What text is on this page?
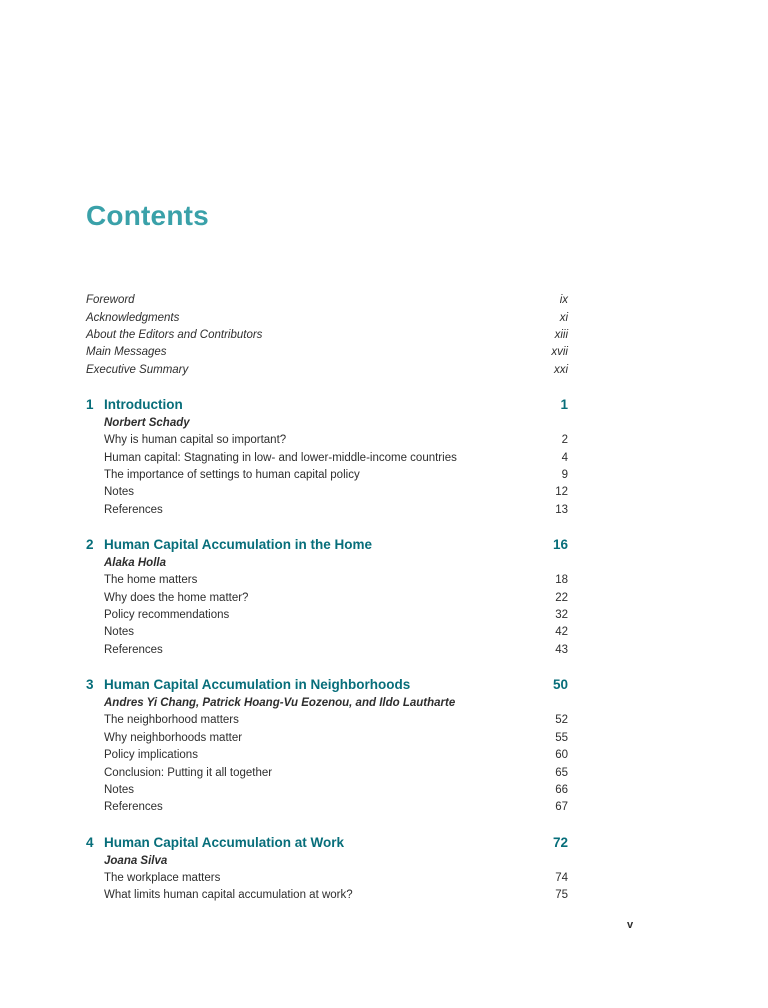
Contents
Foreword	ix
Acknowledgments	xi
About the Editors and Contributors	xiii
Main Messages	xvii
Executive Summary	xxi
1 Introduction	1
Norbert Schady
Why is human capital so important?	2
Human capital: Stagnating in low- and lower-middle-income countries	4
The importance of settings to human capital policy	9
Notes	12
References	13
2 Human Capital Accumulation in the Home	16
Alaka Holla
The home matters	18
Why does the home matter?	22
Policy recommendations	32
Notes	42
References	43
3 Human Capital Accumulation in Neighborhoods	50
Andres Yi Chang, Patrick Hoang-Vu Eozenou, and Ildo Lautharte
The neighborhood matters	52
Why neighborhoods matter	55
Policy implications	60
Conclusion: Putting it all together	65
Notes	66
References	67
4 Human Capital Accumulation at Work	72
Joana Silva
The workplace matters	74
What limits human capital accumulation at work?	75
v
